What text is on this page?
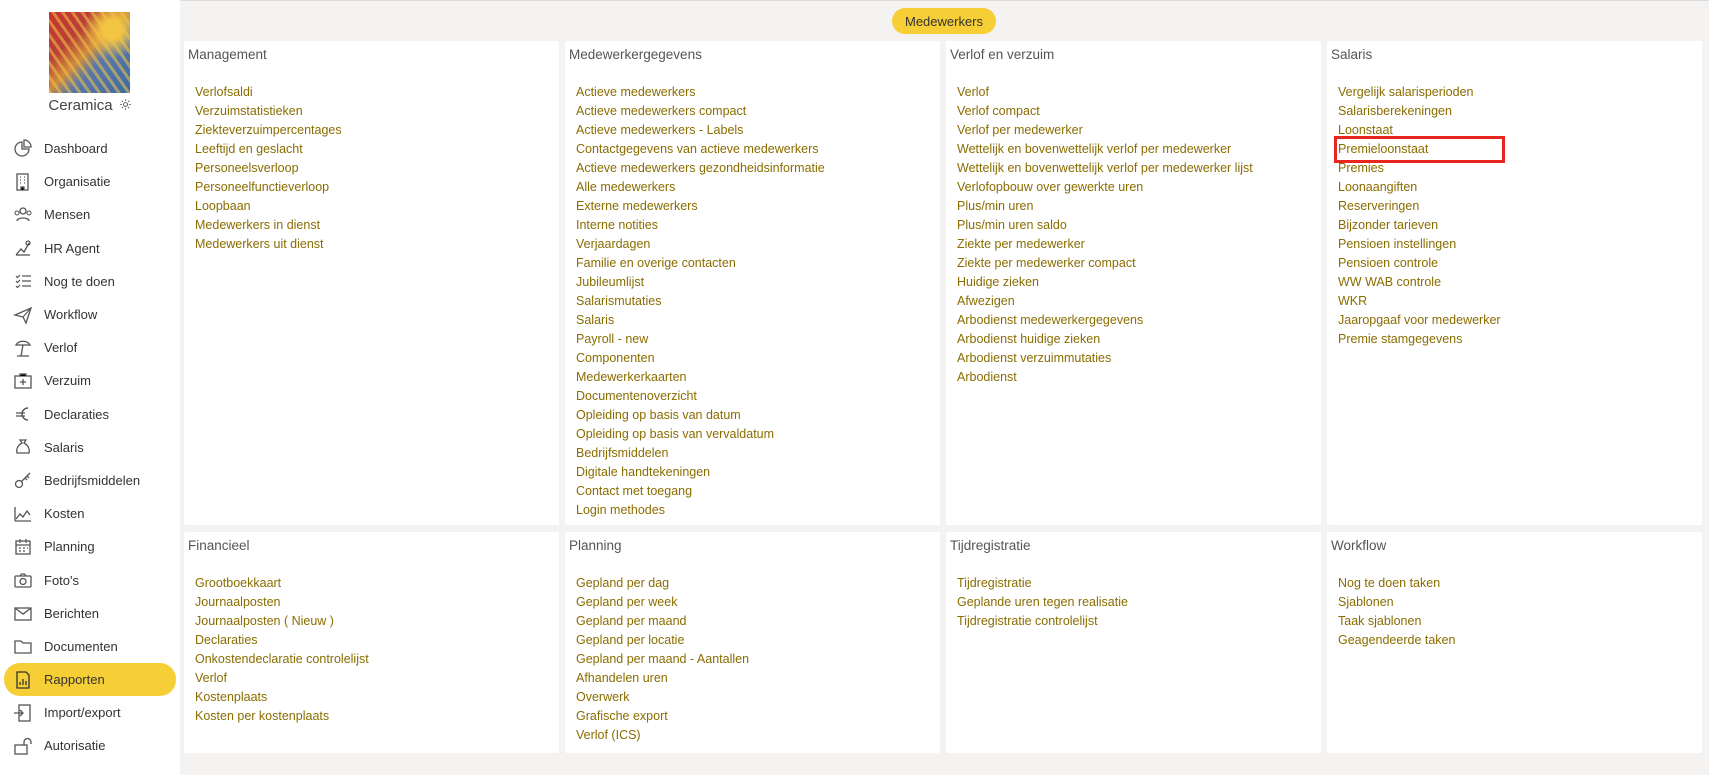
Ceramica
Dashboard
Organisatie
Mensen
HR Agent
Nog te doen
Workflow
Verlof
Verzuim
Declaraties
Salaris
Bedrijfsmiddelen
Kosten
Planning
Foto's
Berichten
Documenten
Rapporten
Import/export
Autorisatie
Medewerkers
Management
Verlofsaldi
Verzuimstatistieken
Ziekteverzuimpercentages
Leeftijd en geslacht
Personeelsverloop
Personeelfunctieverloop
Loopbaan
Medewerkers in dienst
Medewerkers uit dienst
Medewerkergegevens
Actieve medewerkers
Actieve medewerkers compact
Actieve medewerkers - Labels
Contactgegevens van actieve medewerkers
Actieve medewerkers gezondheidsinformatie
Alle medewerkers
Externe medewerkers
Interne notities
Verjaardagen
Familie en overige contacten
Jubileumlijst
Salarismutaties
Salaris
Payroll - new
Componenten
Medewerkerkaarten
Documentenoverzicht
Opleiding op basis van datum
Opleiding op basis van vervaldatum
Bedrijfsmiddelen
Digitale handtekeningen
Contact met toegang
Login methodes
Verlof en verzuim
Verlof
Verlof compact
Verlof per medewerker
Wettelijk en bovenwettelijk verlof per medewerker
Wettelijk en bovenwettelijk verlof per medewerker lijst
Verlofopbouw over gewerkte uren
Plus/min uren
Plus/min uren saldo
Ziekte per medewerker
Ziekte per medewerker compact
Huidige zieken
Afwezigen
Arbodienst medewerkergegevens
Arbodienst huidige zieken
Arbodienst verzuimmutaties
Arbodienst
Salaris
Vergelijk salarisperioden
Salarisberekeningen
Loonstaat
Premieloonstaat
Premies
Loonaangiften
Reserveringen
Bijzonder tarieven
Pensioen instellingen
Pensioen controle
WW WAB controle
WKR
Jaaropgaaf voor medewerker
Premie stamgegevens
Financieel
Grootboekkaart
Journaalposten
Journaalposten ( Nieuw )
Declaraties
Onkostendeclaratie controlelijst
Verlof
Kostenplaats
Kosten per kostenplaats
Planning
Gepland per dag
Gepland per week
Gepland per maand
Gepland per locatie
Gepland per maand - Aantallen
Afhandelen uren
Overwerk
Grafische export
Verlof (ICS)
Tijdregistratie
Tijdregistratie
Geplande uren tegen realisatie
Tijdregistratie controlelijst
Workflow
Nog te doen taken
Sjablonen
Taak sjablonen
Geagendeerde taken
